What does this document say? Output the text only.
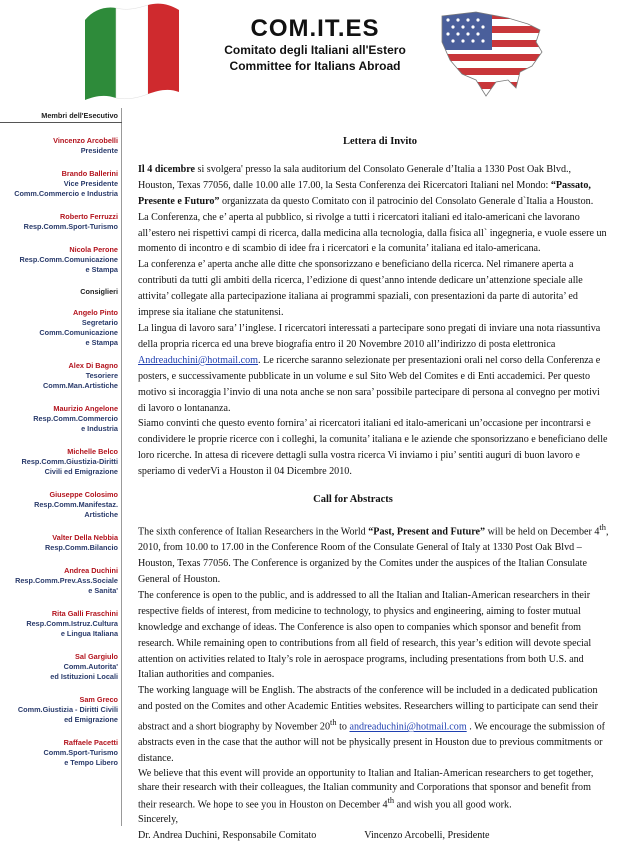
COM.IT.ES
Comitato degli Italiani all'Estero
Committee for Italians Abroad
Membri dell'Esecutivo
Vincenzo Arcobelli
Presidente
Brando Ballerini
Vice Presidente
Comm.Commercio e Industria
Roberto Ferruzzi
Resp.Comm.Sport-Turismo
Nicola Perone
Resp.Comm.Comunicazione
e Stampa
Consiglieri
Angelo Pinto
Segretario
Comm.Comunicazione
e Stampa
Alex Di Bagno
Tesoriere
Comm.Man.Artistiche
Maurizio Angelone
Resp.Comm.Commercio
e Industria
Michelle Belco
Resp.Comm.Giustizia-Diritti
Civili ed Emigrazione
Giuseppe Colosimo
Resp.Comm.Manifestaz.
Artistiche
Valter Della Nebbia
Resp.Comm.Bilancio
Andrea Duchini
Resp.Comm.Prev.Ass.Sociale
e Sanita'
Rita Galli Fraschini
Resp.Comm.Istruz.Cultura
e Lingua Italiana
Sal Gargiulo
Comm.Autorita'
ed Istituzioni Locali
Sam Greco
Comm.Giustizia - Diritti Civili
ed Emigrazione
Raffaele Pacetti
Comm.Sport-Turismo
e Tempo Libero
Lettera di Invito

Il 4 dicembre si svolgera' presso la sala auditorium del Consolato Generale d’Italia a 1330 Post Oak Blvd., Houston, Texas 77056, dalle 10.00 alle 17.00, la Sesta Conferenza dei Ricercatori Italiani nel Mondo: “Passato, Presente e Futuro” organizzata da questo Comitato con il patrocinio del Consolato Generale d`Italia a Houston.

La Conferenza, che e’ aperta al pubblico, si rivolge a tutti i ricercatori italiani ed italo-americani che lavorano all’estero nei rispettivi campi di ricerca, dalla medicina alla tecnologia, dalla fisica all` ingegneria, e vuole essere un momento di incontro e di scambio di idee fra i ricercatori e la comunita’ italiana ed italo-americana.

La conferenza e’ aperta anche alle ditte che sponsorizzano e beneficiano della ricerca. Nel rimanere aperta a contributi da tutti gli ambiti della ricerca, l’edizione di quest’anno intende dedicare un’attenzione speciale alle attivita’ collegate alla partecipazione italiana ai programmi spaziali, con presentazioni da parte di autorita’ ed imprese sia italiane che statunitensi.

La lingua di lavoro sara’ l’inglese. I ricercatori interessati a partecipare sono pregati di inviare una nota riassuntiva della propria ricerca ed una breve biografia entro il 20 Novembre 2010 all’indirizzo di posta elettronica Andreaduchini@hotmail.com. Le ricerche saranno selezionate per presentazioni orali nel corso della Conferenza e posters, e successivamente pubblicate in un volume e sul Sito Web del Comites e di Enti accademici. Per questo motivo si incoraggia l’invio di una nota anche se non sara’ possibile partecipare di persona al convegno per motivi di lavoro o lontananza.

Siamo convinti che questo evento fornira’ ai ricercatori italiani ed italo-americani un’occasione per incontrarsi e condividere le proprie ricerce con i colleghi, la comunita’ italiana e le aziende che sponsorizzano e beneficiano delle loro ricerche. In attesa di ricevere dettagli sulla vostra ricerca Vi inviamo i piu’ sentiti auguri di buon lavoro e speriamo di vederVi a Houston il 04 Dicembre 2010.

Call for Abstracts

The sixth conference of Italian Researchers in the World “Past, Present and Future” will be held on December 4th, 2010, from 10.00 to 17.00 in the Conference Room of the Consulate General of Italy at 1330 Post Oak Blvd – Houston, Texas 77056. The Conference is organized by the Comites under the auspices of the Italian Consulate General of Houston.

The conference is open to the public, and is addressed to all the Italian and Italian-American researchers in their respective fields of interest, from medicine to technology, to physics and engineering, aiming to foster mutual knowledge and exchange of ideas. The Conference is also open to companies which sponsor and benefit from research. While remaining open to contributions from all field of research, this year’s edition will devote special attention on activities related to Italy’s role in aerospace programs, including presentations from both U.S. and Italian authorities and companies.

The working language will be English. The abstracts of the conference will be included in a dedicated publication and posted on the Comites and other Academic Entities websites. Researchers willing to participate can send their abstract and a short biography by November 20th to andreaduchini@hotmail.com . We encourage the submission of abstracts even in the case that the author will not be physically present in Houston due to previous commitments or distance.

We believe that this event will provide an opportunity to Italian and Italian-American researchers to get together, share their research with their colleagues, the Italian community and Corporations that sponsor and benefit from their research. We hope to see you in Houston on December 4th and wish you all good work.

Sincerely,

Dr. Andrea Duchini, Responsabile Comitato	Vincenzo Arcobelli, Presidente
